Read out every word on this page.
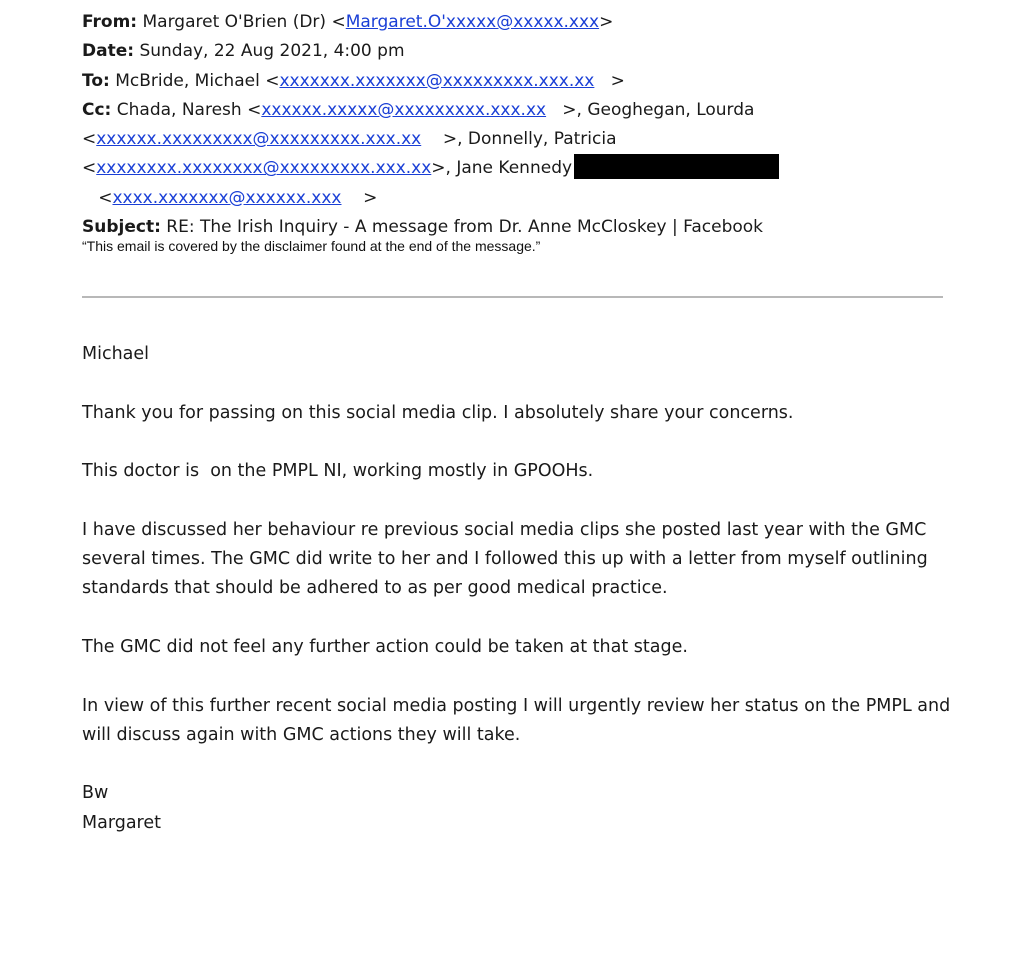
From: Margaret O'Brien (Dr) <Margaret.O'xxxxx@xxxxx.xxx>
Date: Sunday, 22 Aug 2021, 4:00 pm
To: McBride, Michael <xxxxxxx.xxxxxxx@xxxxxxxxx.xxx.xx >
Cc: Chada, Naresh <xxxxxx.xxxxx@xxxxxxxxx.xxx.xx >, Geoghegan, Lourda <xxxxxx.xxxxxxxxx@xxxxxxxxx.xxx.xx >, Donnelly, Patricia <xxxxxxxx.xxxxxxxx@xxxxxxxxx.xxx.xx>, Jane Kennedy   <xxxx.xxxxxxx@xxxxxx.xxx >
Subject: RE: The Irish Inquiry - A message from Dr. Anne McCloskey | Facebook
“This email is covered by the disclaimer found at the end of the message.”

Michael

Thank you for passing on this social media clip. I absolutely share your concerns.

This doctor is  on the PMPL NI, working mostly in GPOOHs.

I have discussed her behaviour re previous social media clips she posted last year with the GMC several times. The GMC did write to her and I followed this up with a letter from myself outlining standards that should be adhered to as per good medical practice.

The GMC did not feel any further action could be taken at that stage.

In view of this further recent social media posting I will urgently review her status on the PMPL and will discuss again with GMC actions they will take.

Bw
Margaret
